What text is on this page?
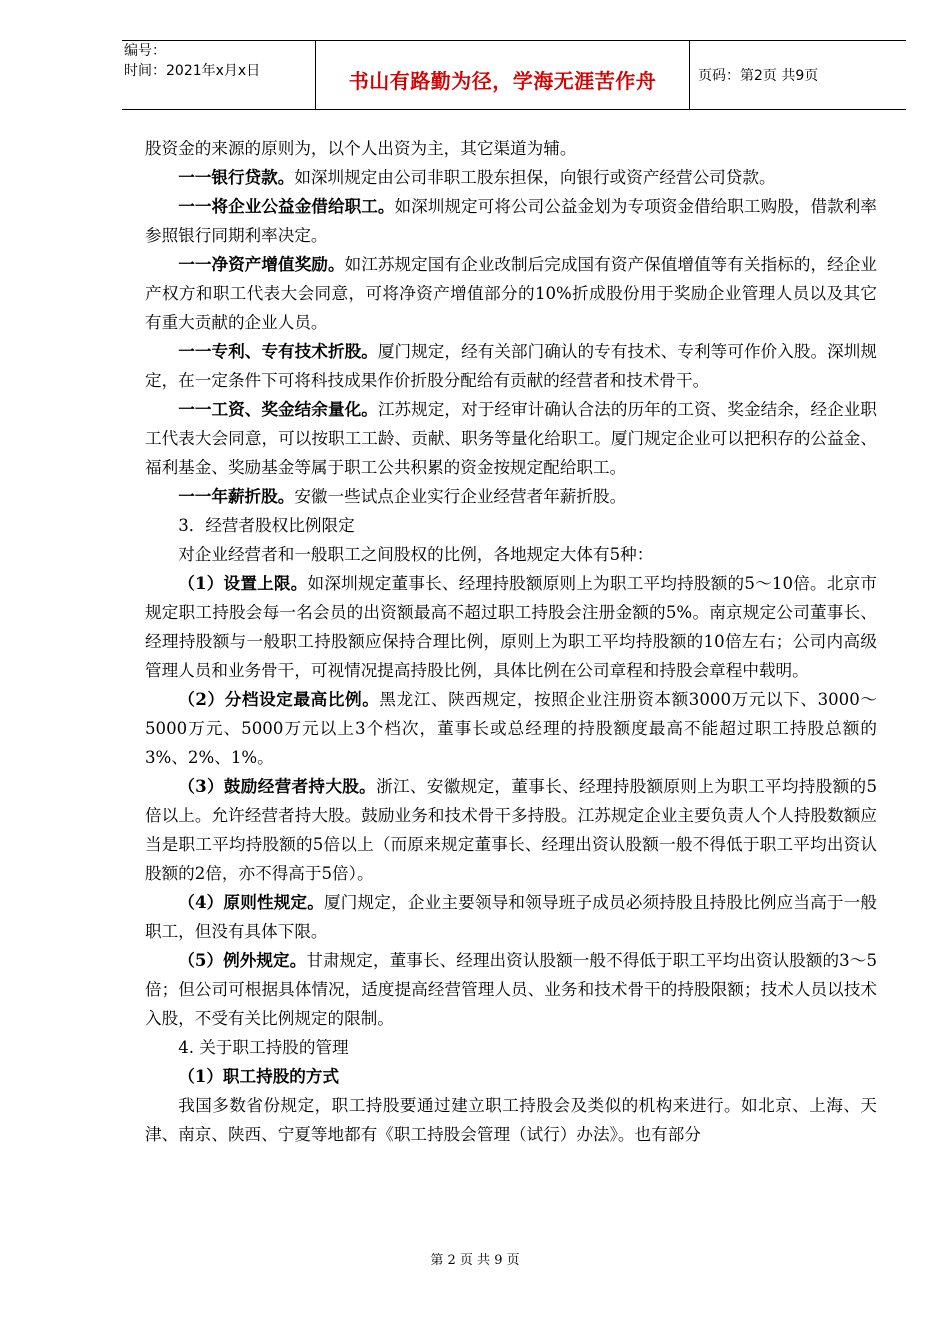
编号：
时间：2021年x月x日	书山有路勤为径，学海无涯苦作舟	页码：第2页 共9页

股资金的来源的原则为，以个人出资为主，其它渠道为辅。

一一银行贷款。如深圳规定由公司非职工股东担保，向银行或资产经营公司贷款。

一一将企业公益金借给职工。如深圳规定可将公司公益金划为专项资金借给职工购股，借款利率参照银行同期利率决定。

一一净资产增值奖励。如江苏规定国有企业改制后完成国有资产保值增值等有关指标的，经企业产权方和职工代表大会同意，可将净资产增值部分的10%折成股份用于奖励企业管理人员以及其它有重大贡献的企业人员。

一一专利、专有技术折股。厦门规定，经有关部门确认的专有技术、专利等可作价入股。深圳规定，在一定条件下可将科技成果作价折股分配给有贡献的经营者和技术骨干。

一一工资、奖金结余量化。江苏规定，对于经审计确认合法的历年的工资、奖金结余，经企业职工代表大会同意，可以按职工工龄、贡献、职务等量化给职工。厦门规定企业可以把积存的公益金、福利基金、奖励基金等属于职工公共积累的资金按规定配给职工。

一一年薪折股。安徽一些试点企业实行企业经营者年薪折股。

3．经营者股权比例限定

对企业经营者和一般职工之间股权的比例，各地规定大体有5种：

（1）设置上限。如深圳规定董事长、经理持股额原则上为职工平均持股额的5～10倍。北京市规定职工持股会每一名会员的出资额最高不超过职工持股会注册金额的5%。南京规定公司董事长、经理持股额与一般职工持股额应保持合理比例，原则上为职工平均持股额的10倍左右；公司内高级管理人员和业务骨干，可视情况提高持股比例，具体比例在公司章程和持股会章程中载明。

（2）分档设定最高比例。黑龙江、陕西规定，按照企业注册资本额3000万元以下、3000～5000万元、5000万元以上3个档次，董事长或总经理的持股额度最高不能超过职工持股总额的3%、2%、1%。

（3）鼓励经营者持大股。浙江、安徽规定，董事长、经理持股额原则上为职工平均持股额的5倍以上。允许经营者持大股。鼓励业务和技术骨干多持股。江苏规定企业主要负责人个人持股数额应当是职工平均持股额的5倍以上（而原来规定董事长、经理出资认股额一般不得低于职工平均出资认股额的2倍，亦不得高于5倍）。

（4）原则性规定。厦门规定，企业主要领导和领导班子成员必须持股且持股比例应当高于一般职工，但没有具体下限。

（5）例外规定。甘肃规定，董事长、经理出资认股额一般不得低于职工平均出资认股额的3～5倍；但公司可根据具体情况，适度提高经营管理人员、业务和技术骨干的持股限额；技术人员以技术入股，不受有关比例规定的限制。

4. 关于职工持股的管理

（1）职工持股的方式

我国多数省份规定，职工持股要通过建立职工持股会及类似的机构来进行。如北京、上海、天津、南京、陕西、宁夏等地都有《职工持股会管理（试行）办法》。也有部分

第 2 页 共 9 页
